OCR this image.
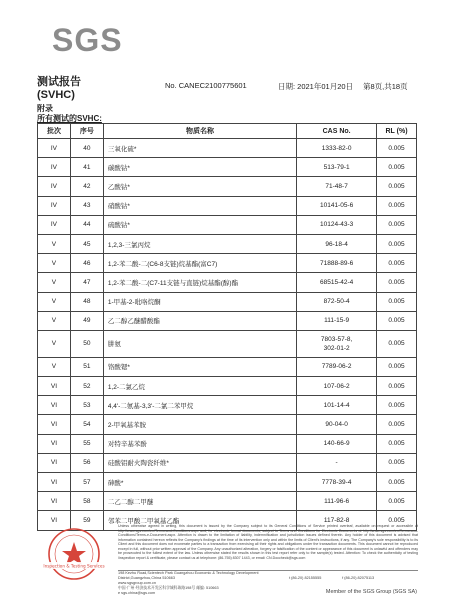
SGS
测试报告
(SVHC)
No. CANEC2100775601	日期: 2021年01月20日 第8页,共18页
附录
所有测试的SVHC:
批次	序号	物质名称	CAS No.	RL (%)
IV	40	三氧化硫*	1333-82-0	0.005
IV	41	碳酸钴*	513-79-1	0.005
IV	42	乙酸钴*	71-48-7	0.005
IV	43	硝酸钴*	10141-05-6	0.005
IV	44	硫酸钴*	10124-43-3	0.005
V	45	1,2,3-三氯丙烷	96-18-4	0.005
V	46	1,2-苯二酸-二(C6-8支链)烷基酯(富C7)	71888-89-6	0.005
V	47	1,2-苯二酸-二(C7-11支链与直链)烷基酯(醇)酯	68515-42-4	0.005
V	48	1-甲基-2-吡咯烷酮	872-50-4	0.005
V	49	乙二醇乙醚醋酸酯	111-15-9	0.005
V	50	肼氨	7803-57-8,
302-01-2	0.005
V	51	铬酸锶*	7789-06-2	0.005
VI	52	1,2-二氯乙烷	107-06-2	0.005
VI	53	4,4'-二氨基-3,3'-二氯二苯甲烷	101-14-4	0.005
VI	54	2-甲氧基苯胺	90-04-0	0.005
VI	55	对特辛基苯酚	140-66-9	0.005
VI	56	硅酸铝耐火陶瓷纤维*	-	0.005
VI	57	砷酸*	7778-39-4	0.005
VI	58	二乙二醇二甲醚	111-96-6	0.005
VI	59	邻苯二甲酸二甲氧基乙酯	117-82-8	0.005
Inspection & Testing Services
Unless otherwise agreed in writing, this document is issued by the Company subject to its General Conditions of Service printed overleaf, available on request or accessible at http://www.sgs.com/en/Terms-and-Conditions.aspx and, for electronic format documents, subject to Terms and Conditions for Electronic Documents at http://www.sgs.com/en/Terms-and-Conditions/Terms-e-Document.aspx. Attention is drawn to the limitation of liability, indemnification and jurisdiction issues defined therein. Any holder of this document is advised that information contained hereon reflects the Company's findings at the time of its intervention only and within the limits of Client's instructions, if any. The Company's sole responsibility is to its Client and this document does not exonerate parties to a transaction from exercising all their rights and obligations under the transaction documents. This document cannot be reproduced except in full, without prior written approval of the Company. Any unauthorized alteration, forgery or falsification of the content or appearance of this document is unlawful and offenders may be prosecuted to the fullest extent of the law. Unless otherwise stated the results shown in this test report refer only to the sample(s) tested. Attention: To check the authenticity of testing /inspection report & certificate, please contact us at telephone: (86-755) 8307 1443, or email: CN.Doccheck@sgs.com
198 Kezhu Road,Scientech Park Guangzhou Economic & Technology Development District,Guangzhou,China 510663	t (86-20) 82155555	f (86-20) 82075113 www.sgsgroup.com.cn
中国·广州·经济技术开发区科学城科珠路198号 邮编: 510663 e sgs.china@sgs.com	Member of the SGS Group (SGS SA)
